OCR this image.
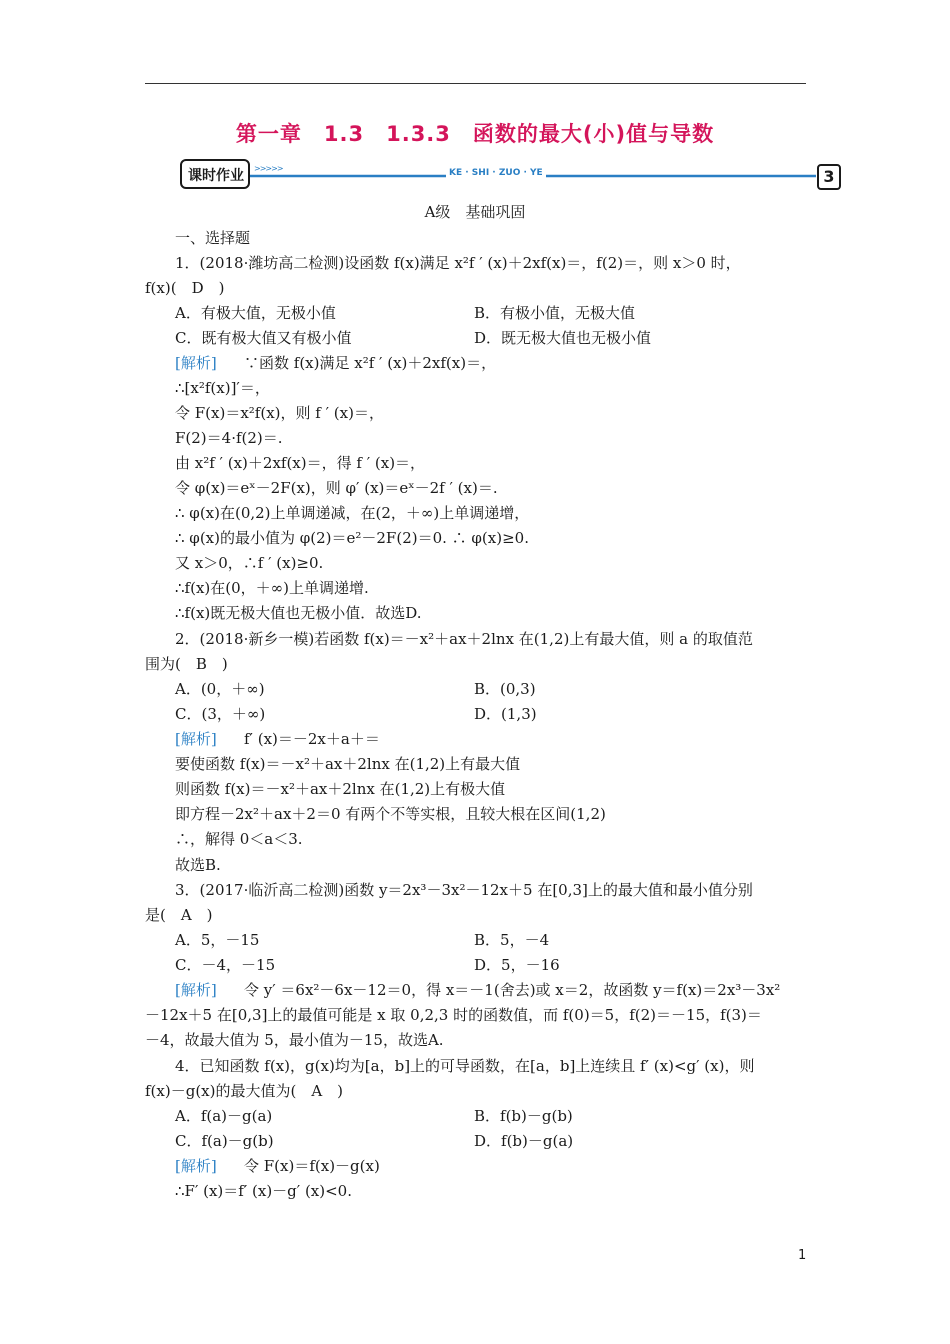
第一章　1.3　1.3.3　函数的最大(小)值与导数
课时作业 >>>>>	KE · SHI · ZUO · YE	3
A级　基础巩固
一、选择题
1．(2018·潍坊高二检测)设函数 f(x)满足 x²f ′ (x)＋2xf(x)＝，f(2)＝，则 x＞0 时，
f(x)(　D　)
A．有极大值，无极小值	B．有极小值，无极大值
C．既有极大值又有极小值	D．既无极大值也无极小值
[解析] ∵函数 f(x)满足 x²f ′ (x)＋2xf(x)＝，
∴[x²f(x)]′＝，
令 F(x)＝x²f(x)，则 f ′ (x)＝，
F(2)＝4·f(2)＝.
由 x²f ′ (x)＋2xf(x)＝，得 f ′ (x)＝，
令 φ(x)＝eˣ－2F(x)，则 φ′ (x)＝eˣ－2f ′ (x)＝.
∴ φ(x)在(0,2)上单调递减，在(2，＋∞)上单调递增，
∴ φ(x)的最小值为 φ(2)＝e²－2F(2)＝0. ∴ φ(x)≥0.
又 x＞0，∴f ′ (x)≥0.
∴f(x)在(0，＋∞)上单调递增.
∴f(x)既无极大值也无极小值．故选D.
2．(2018·新乡一模)若函数 f(x)＝－x²＋ax＋2lnx 在(1,2)上有最大值，则 a 的取值范
围为(　B　)
A．(0，＋∞)	B．(0,3)
C．(3，＋∞)	D．(1,3)
[解析] f′ (x)＝－2x＋a＋＝
要使函数 f(x)＝－x²＋ax＋2lnx 在(1,2)上有最大值
则函数 f(x)＝－x²＋ax＋2lnx 在(1,2)上有极大值
即方程－2x²＋ax＋2＝0 有两个不等实根，且较大根在区间(1,2)
∴，解得 0＜a＜3.
故选B.
3．(2017·临沂高二检测)函数 y＝2x³－3x²－12x＋5 在[0,3]上的最大值和最小值分别
是(　A　)
A．5，－15	B．5，－4
C．－4，－15	D．5，－16
[解析] 令 y′ ＝6x²－6x－12＝0，得 x＝－1(舍去)或 x＝2，故函数 y＝f(x)＝2x³－3x²
－12x＋5 在[0,3]上的最值可能是 x 取 0,2,3 时的函数值，而 f(0)＝5，f(2)＝－15，f(3)＝
－4，故最大值为 5，最小值为－15，故选A.
4．已知函数 f(x)，g(x)均为[a，b]上的可导函数，在[a，b]上连续且 f′ (x)<g′ (x)，则
f(x)－g(x)的最大值为(　A　)
A．f(a)－g(a)	B．f(b)－g(b)
C．f(a)－g(b)	D．f(b)－g(a)
[解析] 令 F(x)＝f(x)－g(x)
∴F′ (x)＝f′ (x)－g′ (x)<0.
1
